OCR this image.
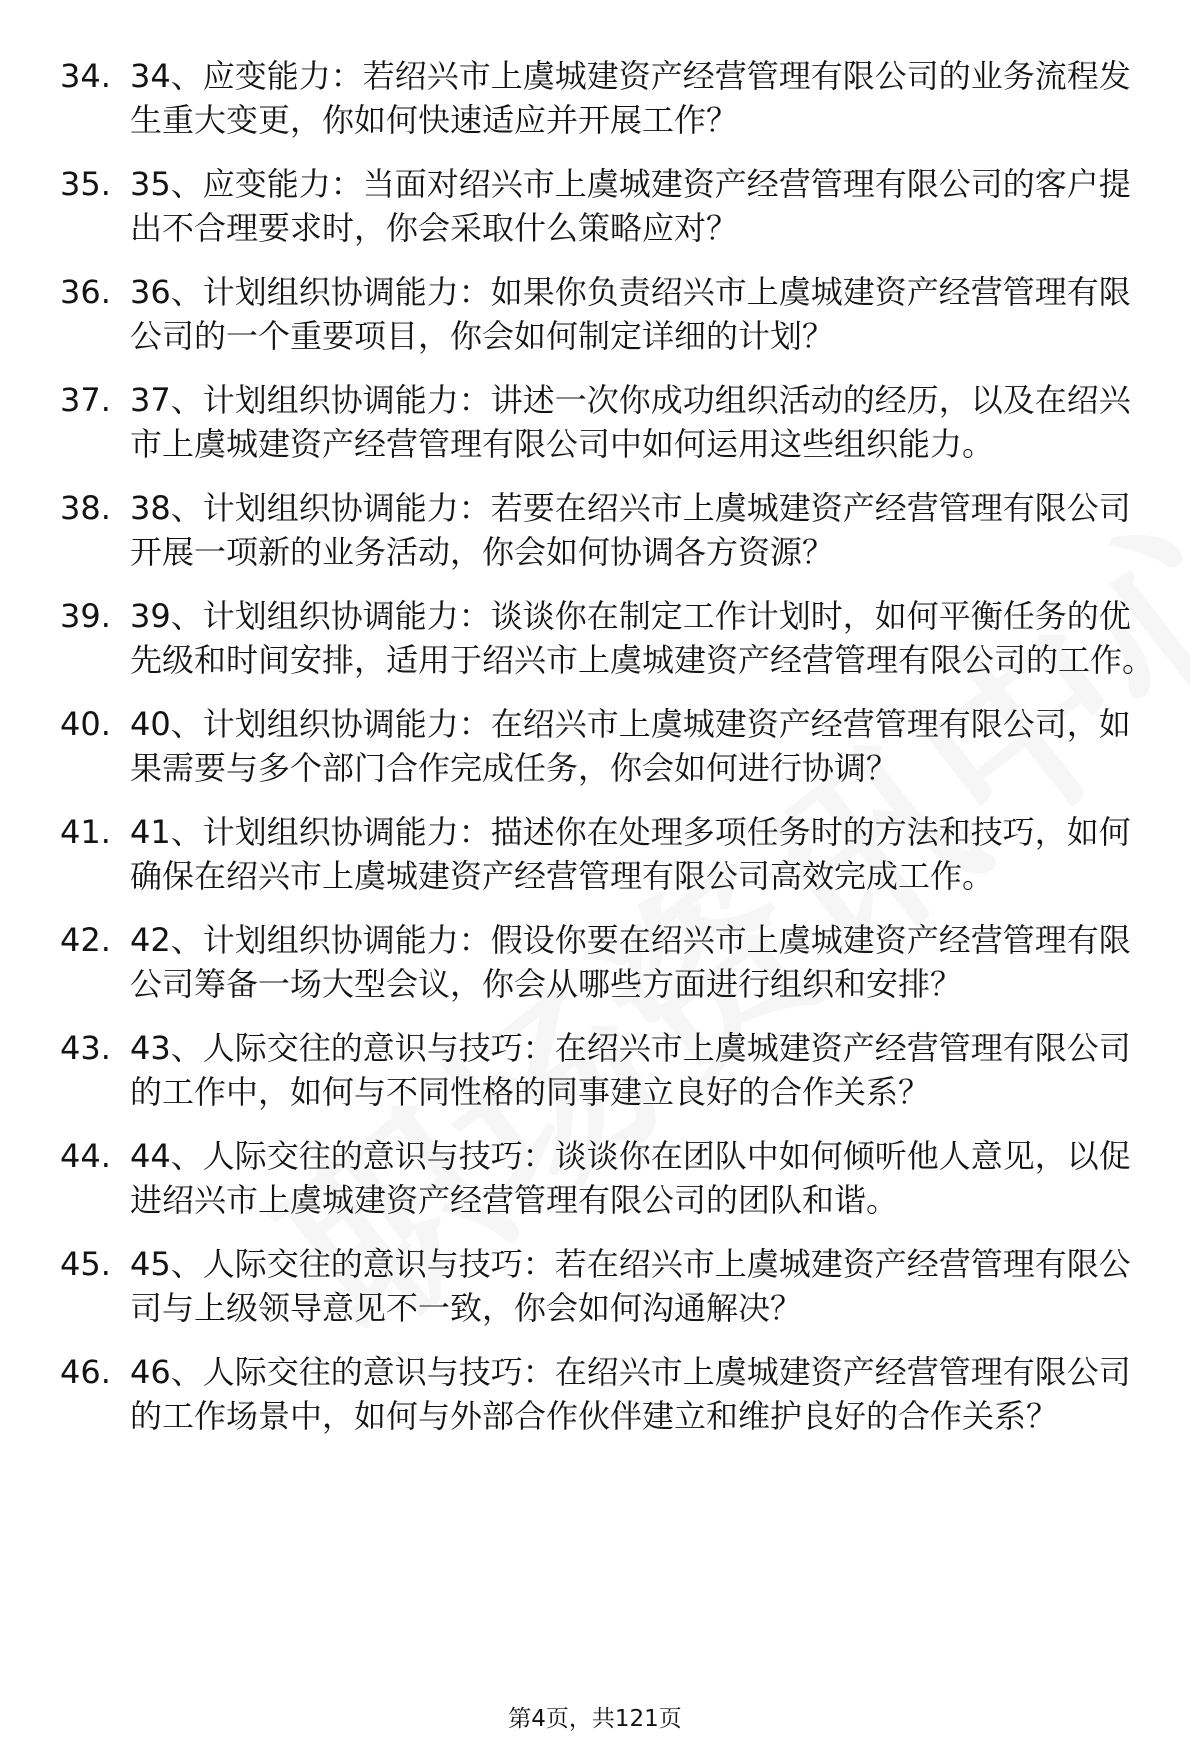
34. 34、应变能力：若绍兴市上虞城建资产经营管理有限公司的业务流程发生重大变更，你如何快速适应并开展工作？
35. 35、应变能力：当面对绍兴市上虞城建资产经营管理有限公司的客户提出不合理要求时，你会采取什么策略应对？
36. 36、计划组织协调能力：如果你负责绍兴市上虞城建资产经营管理有限公司的一个重要项目，你会如何制定详细的计划？
37. 37、计划组织协调能力：讲述一次你成功组织活动的经历，以及在绍兴市上虞城建资产经营管理有限公司中如何运用这些组织能力。
38. 38、计划组织协调能力：若要在绍兴市上虞城建资产经营管理有限公司开展一项新的业务活动，你会如何协调各方资源？
39. 39、计划组织协调能力：谈谈你在制定工作计划时，如何平衡任务的优先级和时间安排，适用于绍兴市上虞城建资产经营管理有限公司的工作。
40. 40、计划组织协调能力：在绍兴市上虞城建资产经营管理有限公司，如果需要与多个部门合作完成任务，你会如何进行协调？
41. 41、计划组织协调能力：描述你在处理多项任务时的方法和技巧，如何确保在绍兴市上虞城建资产经营管理有限公司高效完成工作。
42. 42、计划组织协调能力：假设你要在绍兴市上虞城建资产经营管理有限公司筹备一场大型会议，你会从哪些方面进行组织和安排？
43. 43、人际交往的意识与技巧：在绍兴市上虞城建资产经营管理有限公司的工作中，如何与不同性格的同事建立良好的合作关系？
44. 44、人际交往的意识与技巧：谈谈你在团队中如何倾听他人意见，以促进绍兴市上虞城建资产经营管理有限公司的团队和谐。
45. 45、人际交往的意识与技巧：若在绍兴市上虞城建资产经营管理有限公司与上级领导意见不一致，你会如何沟通解决？
46. 46、人际交往的意识与技巧：在绍兴市上虞城建资产经营管理有限公司的工作场景中，如何与外部合作伙伴建立和维护良好的合作关系？
第4页，共121页
